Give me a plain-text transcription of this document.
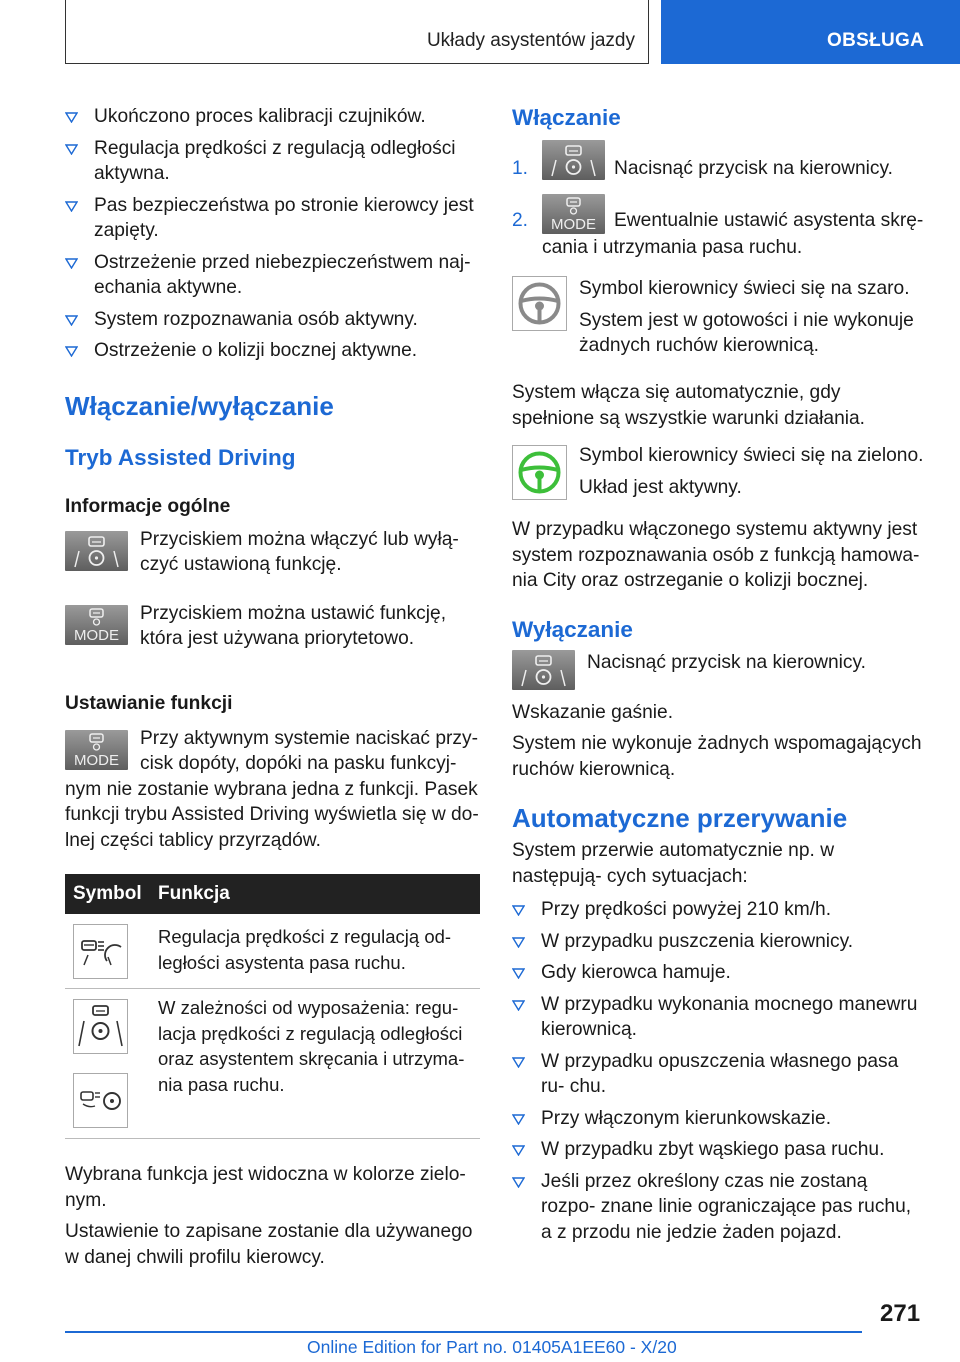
Układy asystentów jazdy	OBSŁUGA
Ukończono proces kalibracji czujników.
Regulacja prędkości z regulacją odległości aktywna.
Pas bezpieczeństwa po stronie kierowcy jest zapięty.
Ostrzeżenie przed niebezpieczeństwem naj‐ echania aktywne.
System rozpoznawania osób aktywny.
Ostrzeżenie o kolizji bocznej aktywne.
Włączanie/wyłączanie
Tryb Assisted Driving
Informacje ogólne

Przyciskiem można włączyć lub wyłą‐ czyć ustawioną funkcję.

MODE

Przyciskiem można ustawić funkcję, która jest używana priorytetowo.

Ustawianie funkcji
MODE

Przy aktywnym systemie naciskać przy‐ cisk dopóty, dopóki na pasku funkcyj‐

nym nie zostanie wybrana jedna z funkcji. Pasek funkcji trybu Assisted Driving wyświetla się w do‐ lnej części tablicy przyrządów.

Symbol Funkcja

Regulacja prędkości z regulacją od‐ ległości asystenta pasa ruchu.

W zależności od wyposażenia: regu‐ lacja prędkości z regulacją odległości oraz asystentem skręcania i utrzyma‐ nia pasa ruchu.

Wybrana funkcja jest widoczna w kolorze zielo‐ nym.

Ustawienie to zapisane zostanie dla używanego w danej chwili profilu kierowcy.

Włączanie
1.	Nacisnąć przycisk na kierownicy.
2. MODE Ewentualnie ustawić asystenta skrę‐
cania i utrzymania pasa ruchu.

Symbol kierownicy świeci się na szaro.

System jest w gotowości i nie wykonuje żadnych ruchów kierownicą.

System włącza się automatycznie, gdy spełnione są wszystkie warunki działania.

Symbol kierownicy świeci się na zielono.

Układ jest aktywny.

W przypadku włączonego systemu aktywny jest system rozpoznawania osób z funkcją hamowa‐ nia City oraz ostrzeganie o kolizji bocznej.

Wyłączanie

Nacisnąć przycisk na kierownicy.

Wskazanie gaśnie.

System nie wykonuje żadnych wspomagających ruchów kierownicą.

Automatyczne przerywanie

System przerwie automatycznie np. w następują‐ cych sytuacjach:

Przy prędkości powyżej 210 km/h.
W przypadku puszczenia kierownicy.
Gdy kierowca hamuje.
W przypadku wykonania mocnego manewru kierownicą.
W przypadku opuszczenia własnego pasa ru‐ chu.
Przy włączonym kierunkowskazie.
W przypadku zbyt wąskiego pasa ruchu.
Jeśli przez określony czas nie zostaną rozpo‐ znane linie ograniczające pas ruchu, a z przodu nie jedzie żaden pojazd.
271
Online Edition for Part no. 01405A1EE60 - X/20
